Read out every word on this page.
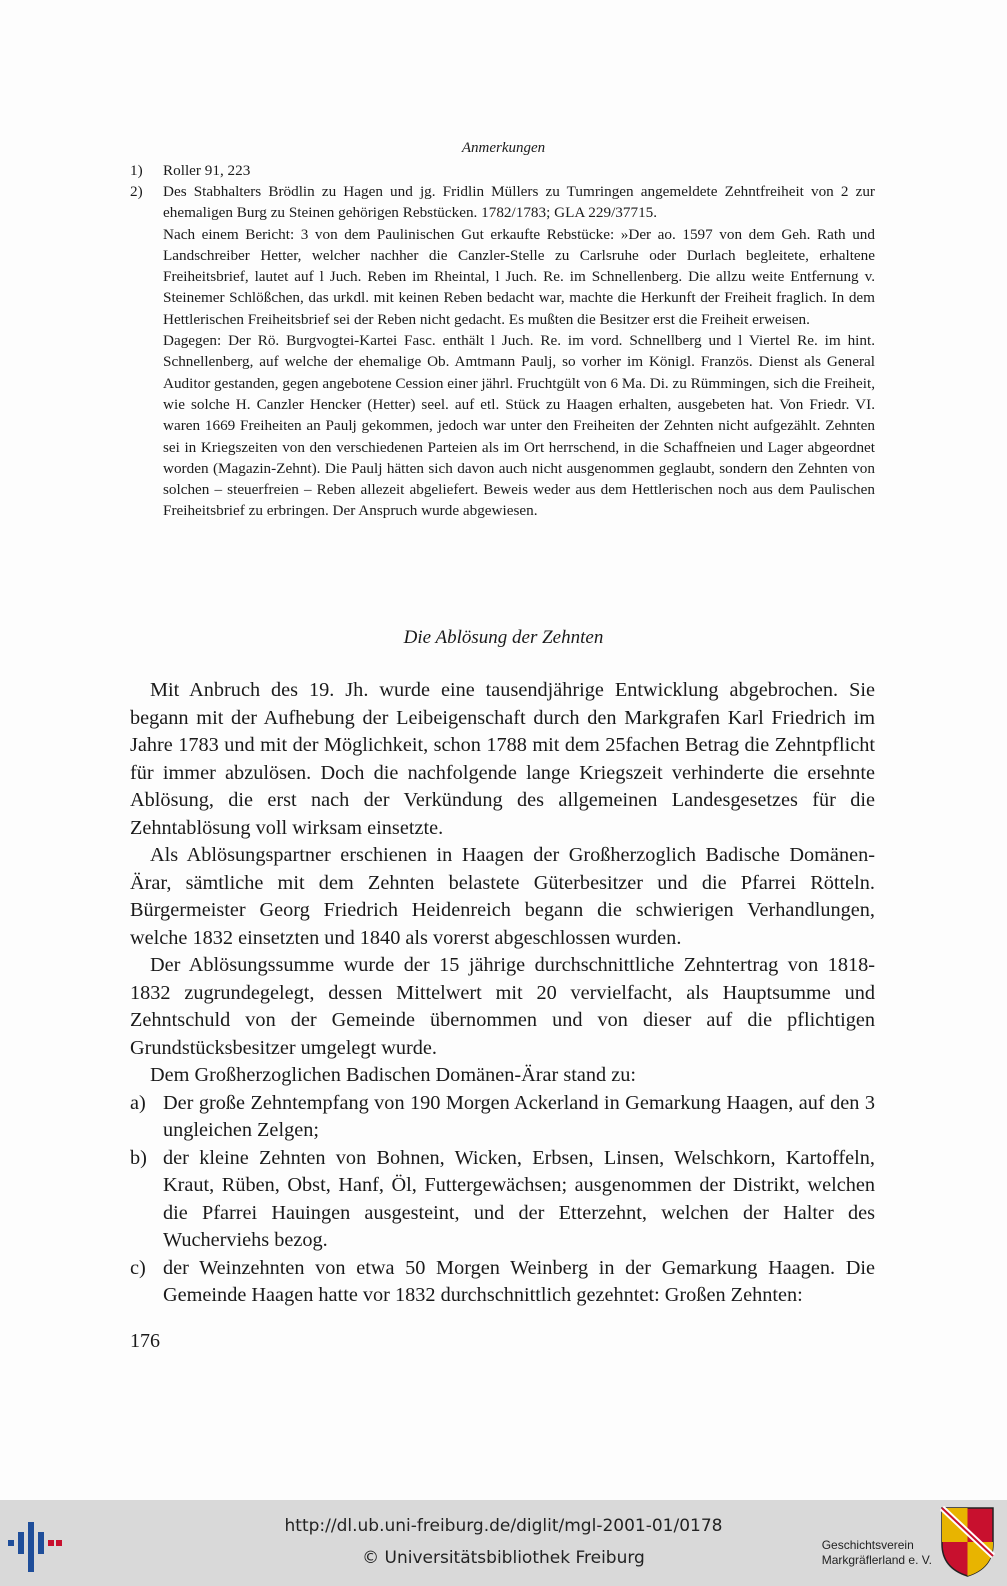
Anmerkungen
1) Roller 91, 223

2) Des Stabhalters Brödlin zu Hagen und jg. Fridlin Müllers zu Tumringen angemeldete Zehntfreiheit von 2 zur ehemaligen Burg zu Steinen gehörigen Rebstücken. 1782/1783; GLA 229/37715.

Nach einem Bericht: 3 von dem Paulinischen Gut erkaufte Rebstücke: »Der ao. 1597 von dem Geh. Rath und Landschreiber Hetter, welcher nachher die Canzler-Stelle zu Carlsruhe oder Durlach begleitete, erhaltene Freiheitsbrief, lautet auf l Juch. Reben im Rheintal, l Juch. Re. im Schnellenberg. Die allzu weite Entfernung v. Steinemer Schlößchen, das urkdl. mit keinen Reben bedacht war, machte die Herkunft der Freiheit fraglich. In dem Hettlerischen Freiheitsbrief sei der Reben nicht gedacht. Es mußten die Besitzer erst die Freiheit erweisen.

Dagegen: Der Rö. Burgvogtei-Kartei Fasc. enthält l Juch. Re. im vord. Schnellberg und l Viertel Re. im hint. Schnellenberg, auf welche der ehemalige Ob. Amtmann Paulj, so vorher im Königl. Französ. Dienst als General Auditor gestanden, gegen angebotene Cession einer jährl. Fruchtgült von 6 Ma. Di. zu Rümmingen, sich die Freiheit, wie solche H. Canzler Hencker (Hetter) seel. auf etl. Stück zu Haagen erhalten, ausgebeten hat. Von Friedr. VI. waren 1669 Freiheiten an Paulj gekommen, jedoch war unter den Freiheiten der Zehnten nicht aufgezählt. Zehnten sei in Kriegszeiten von den verschiedenen Parteien als im Ort herrschend, in die Schaffneien und Lager abgeordnet worden (Magazin-Zehnt). Die Paulj hätten sich davon auch nicht ausgenommen geglaubt, sondern den Zehnten von solchen – steuerfreien – Reben allezeit abgeliefert. Beweis weder aus dem Hettlerischen noch aus dem Paulischen Freiheitsbrief zu erbringen. Der Anspruch wurde abgewiesen.

Die Ablösung der Zehnten

Mit Anbruch des 19. Jh. wurde eine tausendjährige Entwicklung abgebrochen. Sie begann mit der Aufhebung der Leibeigenschaft durch den Markgrafen Karl Friedrich im Jahre 1783 und mit der Möglichkeit, schon 1788 mit dem 25fachen Betrag die Zehntpflicht für immer abzulösen. Doch die nachfolgende lange Kriegszeit verhinderte die ersehnte Ablösung, die erst nach der Verkündung des allgemeinen Landesgesetzes für die Zehntablösung voll wirksam einsetzte.

Als Ablösungspartner erschienen in Haagen der Großherzoglich Badische Domänen-Ärar, sämtliche mit dem Zehnten belastete Güterbesitzer und die Pfarrei Rötteln. Bürgermeister Georg Friedrich Heidenreich begann die schwierigen Verhandlungen, welche 1832 einsetzten und 1840 als vorerst abgeschlossen wurden.

Der Ablösungssumme wurde der 15 jährige durchschnittliche Zehntertrag von 1818-1832 zugrundegelegt, dessen Mittelwert mit 20 vervielfacht, als Hauptsumme und Zehntschuld von der Gemeinde übernommen und von dieser auf die pflichtigen Grundstücksbesitzer umgelegt wurde.

Dem Großherzoglichen Badischen Domänen-Ärar stand zu:

a) Der große Zehntempfang von 190 Morgen Ackerland in Gemarkung Haagen, auf den 3 ungleichen Zelgen;
b) der kleine Zehnten von Bohnen, Wicken, Erbsen, Linsen, Welschkorn, Kartoffeln, Kraut, Rüben, Obst, Hanf, Öl, Futtergewächsen; ausgenommen der Distrikt, welchen die Pfarrei Hauingen ausgesteint, und der Etterzehnt, welchen der Halter des Wucherviehs bezog.
c) der Weinzehnten von etwa 50 Morgen Weinberg in der Gemarkung Haagen. Die Gemeinde Haagen hatte vor 1832 durchschnittlich gezehntet: Großen Zehnten:
176
http://dl.ub.uni-freiburg.de/diglit/mgl-2001-01/0178
© Universitätsbibliothek Freiburg
Geschichtsverein
Markgräflerland e. V.
